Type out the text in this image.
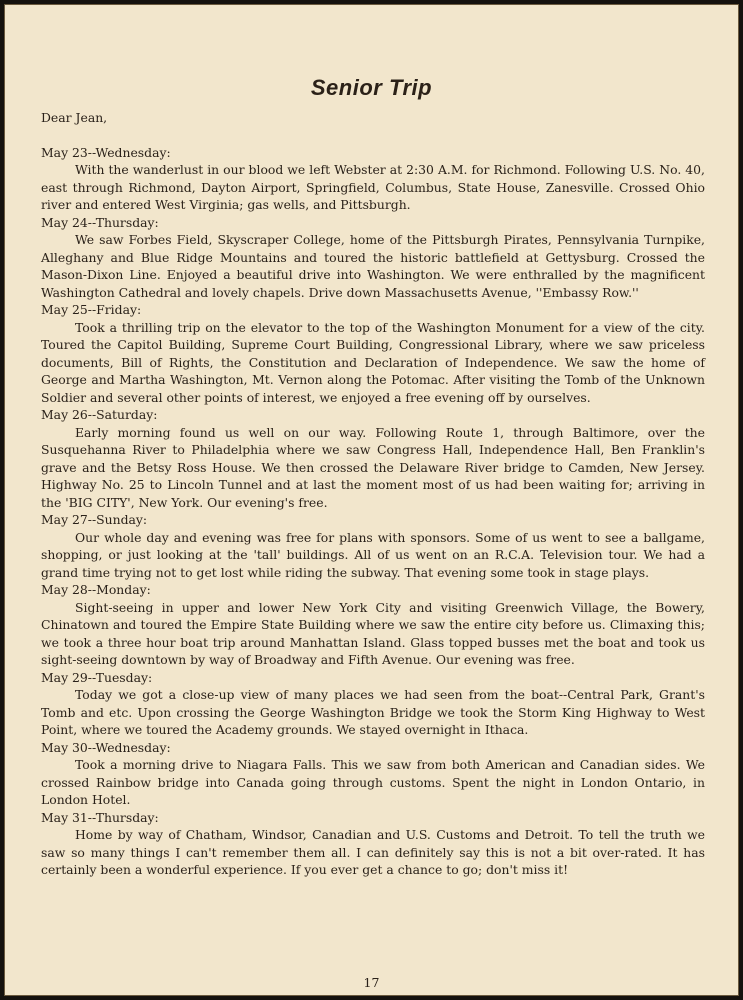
Senior Trip

Dear Jean,

May 23--Wednesday:

With the wanderlust in our blood we left Webster at 2:30 A.M. for Richmond. Following U.S. No. 40, east through Richmond, Dayton Airport, Springfield, Columbus, State House, Zanesville. Crossed Ohio river and entered West Virginia; gas wells, and Pittsburgh.

May 24--Thursday:

We saw Forbes Field, Skyscraper College, home of the Pittsburgh Pirates, Pennsylvania Turnpike, Alleghany and Blue Ridge Mountains and toured the historic battlefield at Gettysburg. Crossed the Mason-Dixon Line. Enjoyed a beautiful drive into Washington. We were enthralled by the magnificent Washington Cathedral and lovely chapels. Drive down Massachusetts Avenue, ''Embassy Row.''

May 25--Friday:

Took a thrilling trip on the elevator to the top of the Washington Monument for a view of the city. Toured the Capitol Building, Supreme Court Building, Congressional Library, where we saw priceless documents, Bill of Rights, the Constitution and Declaration of Independence. We saw the home of George and Martha Washington, Mt. Vernon along the Potomac. After visiting the Tomb of the Unknown Soldier and several other points of interest, we enjoyed a free evening off by ourselves.

May 26--Saturday:

Early morning found us well on our way. Following Route 1, through Baltimore, over the Susquehanna River to Philadelphia where we saw Congress Hall, Independence Hall, Ben Franklin's grave and the Betsy Ross House. We then crossed the Delaware River bridge to Camden, New Jersey. Highway No. 25 to Lincoln Tunnel and at last the moment most of us had been waiting for; arriving in the 'BIG CITY', New York. Our evening's free.

May 27--Sunday:

Our whole day and evening was free for plans with sponsors. Some of us went to see a ballgame, shopping, or just looking at the 'tall' buildings. All of us went on an R.C.A. Television tour. We had a grand time trying not to get lost while riding the subway. That evening some took in stage plays.

May 28--Monday:

Sight-seeing in upper and lower New York City and visiting Greenwich Village, the Bowery, Chinatown and toured the Empire State Building where we saw the entire city before us. Climaxing this; we took a three hour boat trip around Manhattan Island. Glass topped busses met the boat and took us sight-seeing downtown by way of Broadway and Fifth Avenue. Our evening was free.

May 29--Tuesday:

Today we got a close-up view of many places we had seen from the boat--Central Park, Grant's Tomb and etc. Upon crossing the George Washington Bridge we took the Storm King Highway to West Point, where we toured the Academy grounds. We stayed overnight in Ithaca.

May 30--Wednesday:

Took a morning drive to Niagara Falls. This we saw from both American and Canadian sides. We crossed Rainbow bridge into Canada going through customs. Spent the night in London Ontario, in London Hotel.

May 31--Thursday:

Home by way of Chatham, Windsor, Canadian and U.S. Customs and Detroit. To tell the truth we saw so many things I can't remember them all. I can definitely say this is not a bit over-rated. It has certainly been a wonderful experience. If you ever get a chance to go; don't miss it!

17
